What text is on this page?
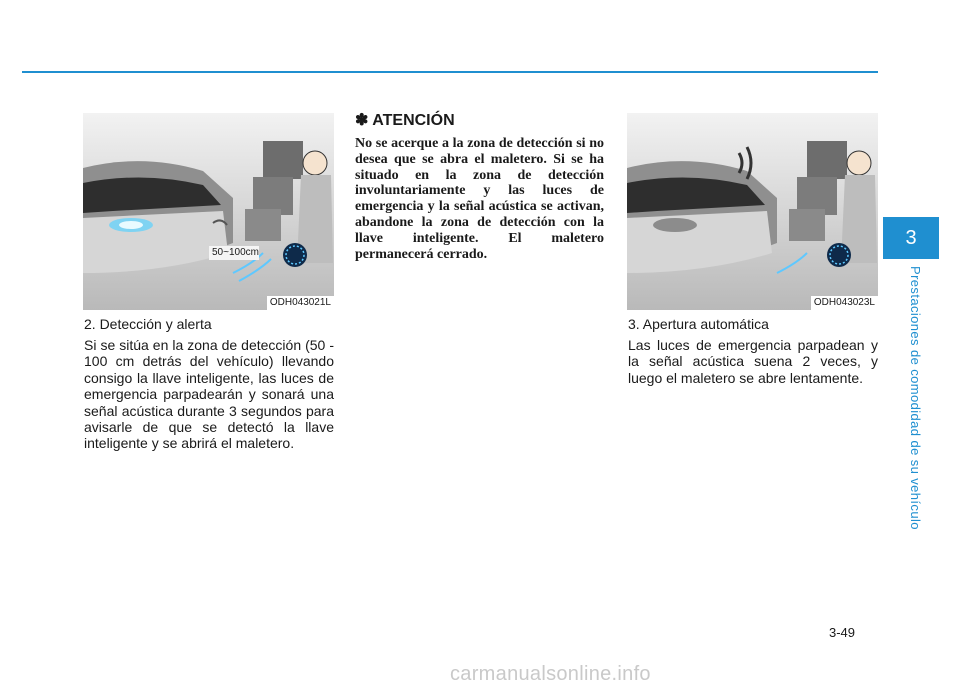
3
Prestaciones de comodidad de su vehículo
50~100cm
ODH043021L
2. Detección y alerta
Si se sitúa en la zona de detección (50 - 100 cm detrás del vehículo) llevando consigo la llave inteligente, las luces de emergencia parpadearán y sonará una señal acústica durante 3 segundos para avisarle de que se detectó la llave inteligente y se abrirá el maletero.
✽ ATENCIÓN
No se acerque a la zona de detección si no desea que se abra el maletero. Si se ha situado en la zona de detección involuntariamente y las luces de emergencia y la señal acústica se activan, abandone la zona de detección con la llave inteligente. El maletero permanecerá cerrado.
ODH043023L
3. Apertura automática
Las luces de emergencia parpadean y la señal acústica suena 2 veces, y luego el maletero se abre lentamente.
3-49
carmanualsonline.info
